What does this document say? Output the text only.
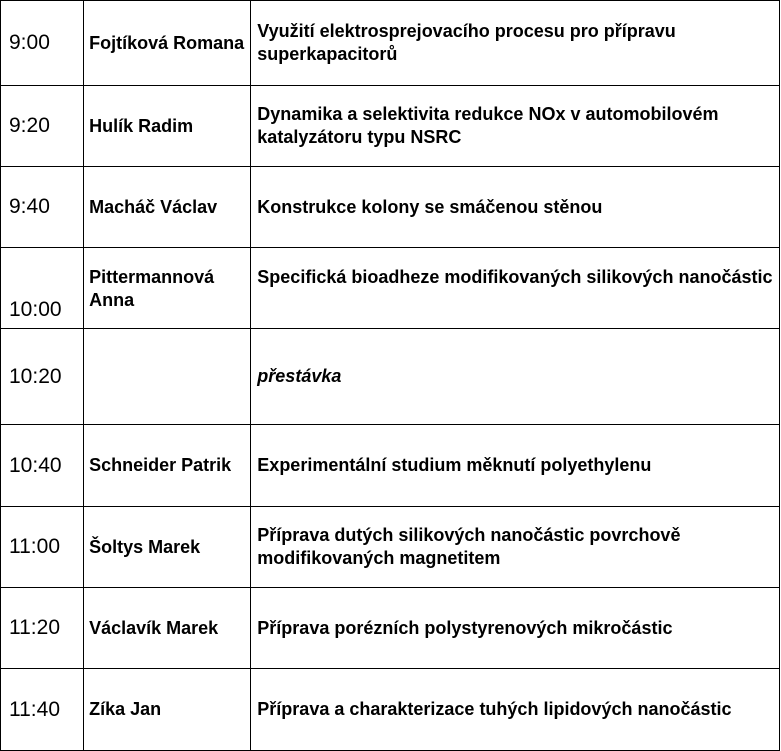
9:00	Fojtíková Romana	Využití elektrosprejovacího procesu pro přípravu superkapacitorů
9:20	Hulík Radim	Dynamika a selektivita redukce NOx v automobilovém katalyzátoru typu NSRC
9:40	Macháč Václav	Konstrukce kolony se smáčenou stěnou
10:00	Pittermannová Anna	Specifická bioadheze modifikovaných silikových nanočástic
10:20		přestávka
10:40	Schneider Patrik	Experimentální studium měknutí polyethylenu
11:00	Šoltys Marek	Příprava dutých silikových nanočástic povrchově modifikovaných magnetitem
11:20	Václavík Marek	Příprava porézních polystyrenových mikročástic
11:40	Zíka Jan	Příprava a charakterizace tuhých lipidových nanočástic
